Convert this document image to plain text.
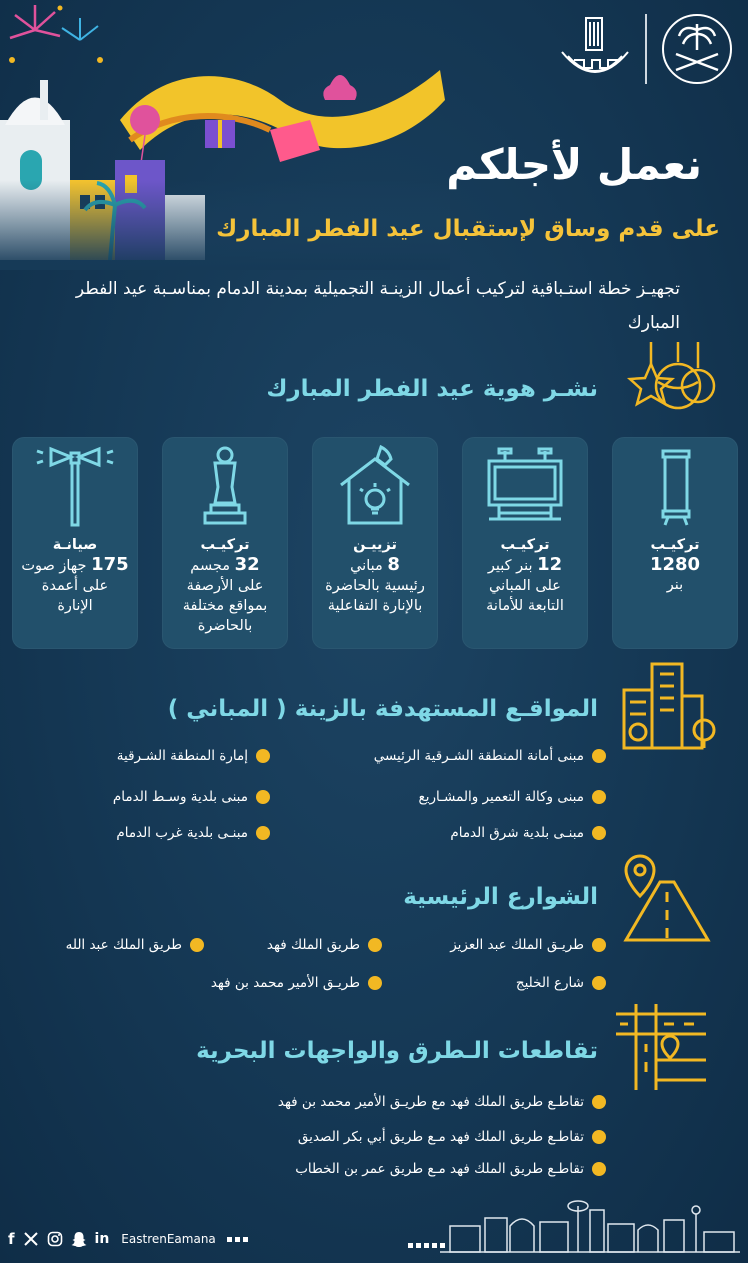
نعمل لأجلكم
على قدم وساق لإستقبال عيد الفطر المبارك
تجهيـز خطة استـباقية لتركيب أعمال الزينـة التجميلية بمدينة الدمام بمناسـبة عيد الفطر المبارك
نشـر هوية عيد الفطر المبارك
تركيـب
1280
بنر
تركيـب
12 بنر كبير
على المباني
التابعة للأمانة
تزييـن
8 مباني
رئيسية بالحاضرة
بالإنارة التفاعلية
تركيـب
32 مجسم
على الأرصفة
بمواقع مختلفة
بالحاضرة
صيانـة
175 جهاز صوت
على أعمدة
الإنارة
المواقـع المستهدفة بالزينة ( المباني )
مبنى أمانة المنطقة الشـرقية الرئيسي
مبنى وكالة التعمير والمشـاريع
مبنـى بلدية شرق الدمام
إمارة المنطقة الشـرقية
مبنى بلدية وسـط الدمام
مبنـى بلدية غرب الدمام
الشوارع الرئيسية
طريـق الملك عبد العزيز
طريق الملك فهد
طريق الملك عبد الله
شارع الخليج
طريـق الأمير محمد بن فهد
تقاطعات الـطرق والواجهات البحرية
تقاطـع طريق الملك فهد مع طريـق الأمير محمد بن فهد
تقاطـع طريق الملك فهد مـع طريق أبي بكر الصديق
تقاطـع طريق الملك فهد مـع طريق عمر بن الخطاب
f	in EastrenEamana
